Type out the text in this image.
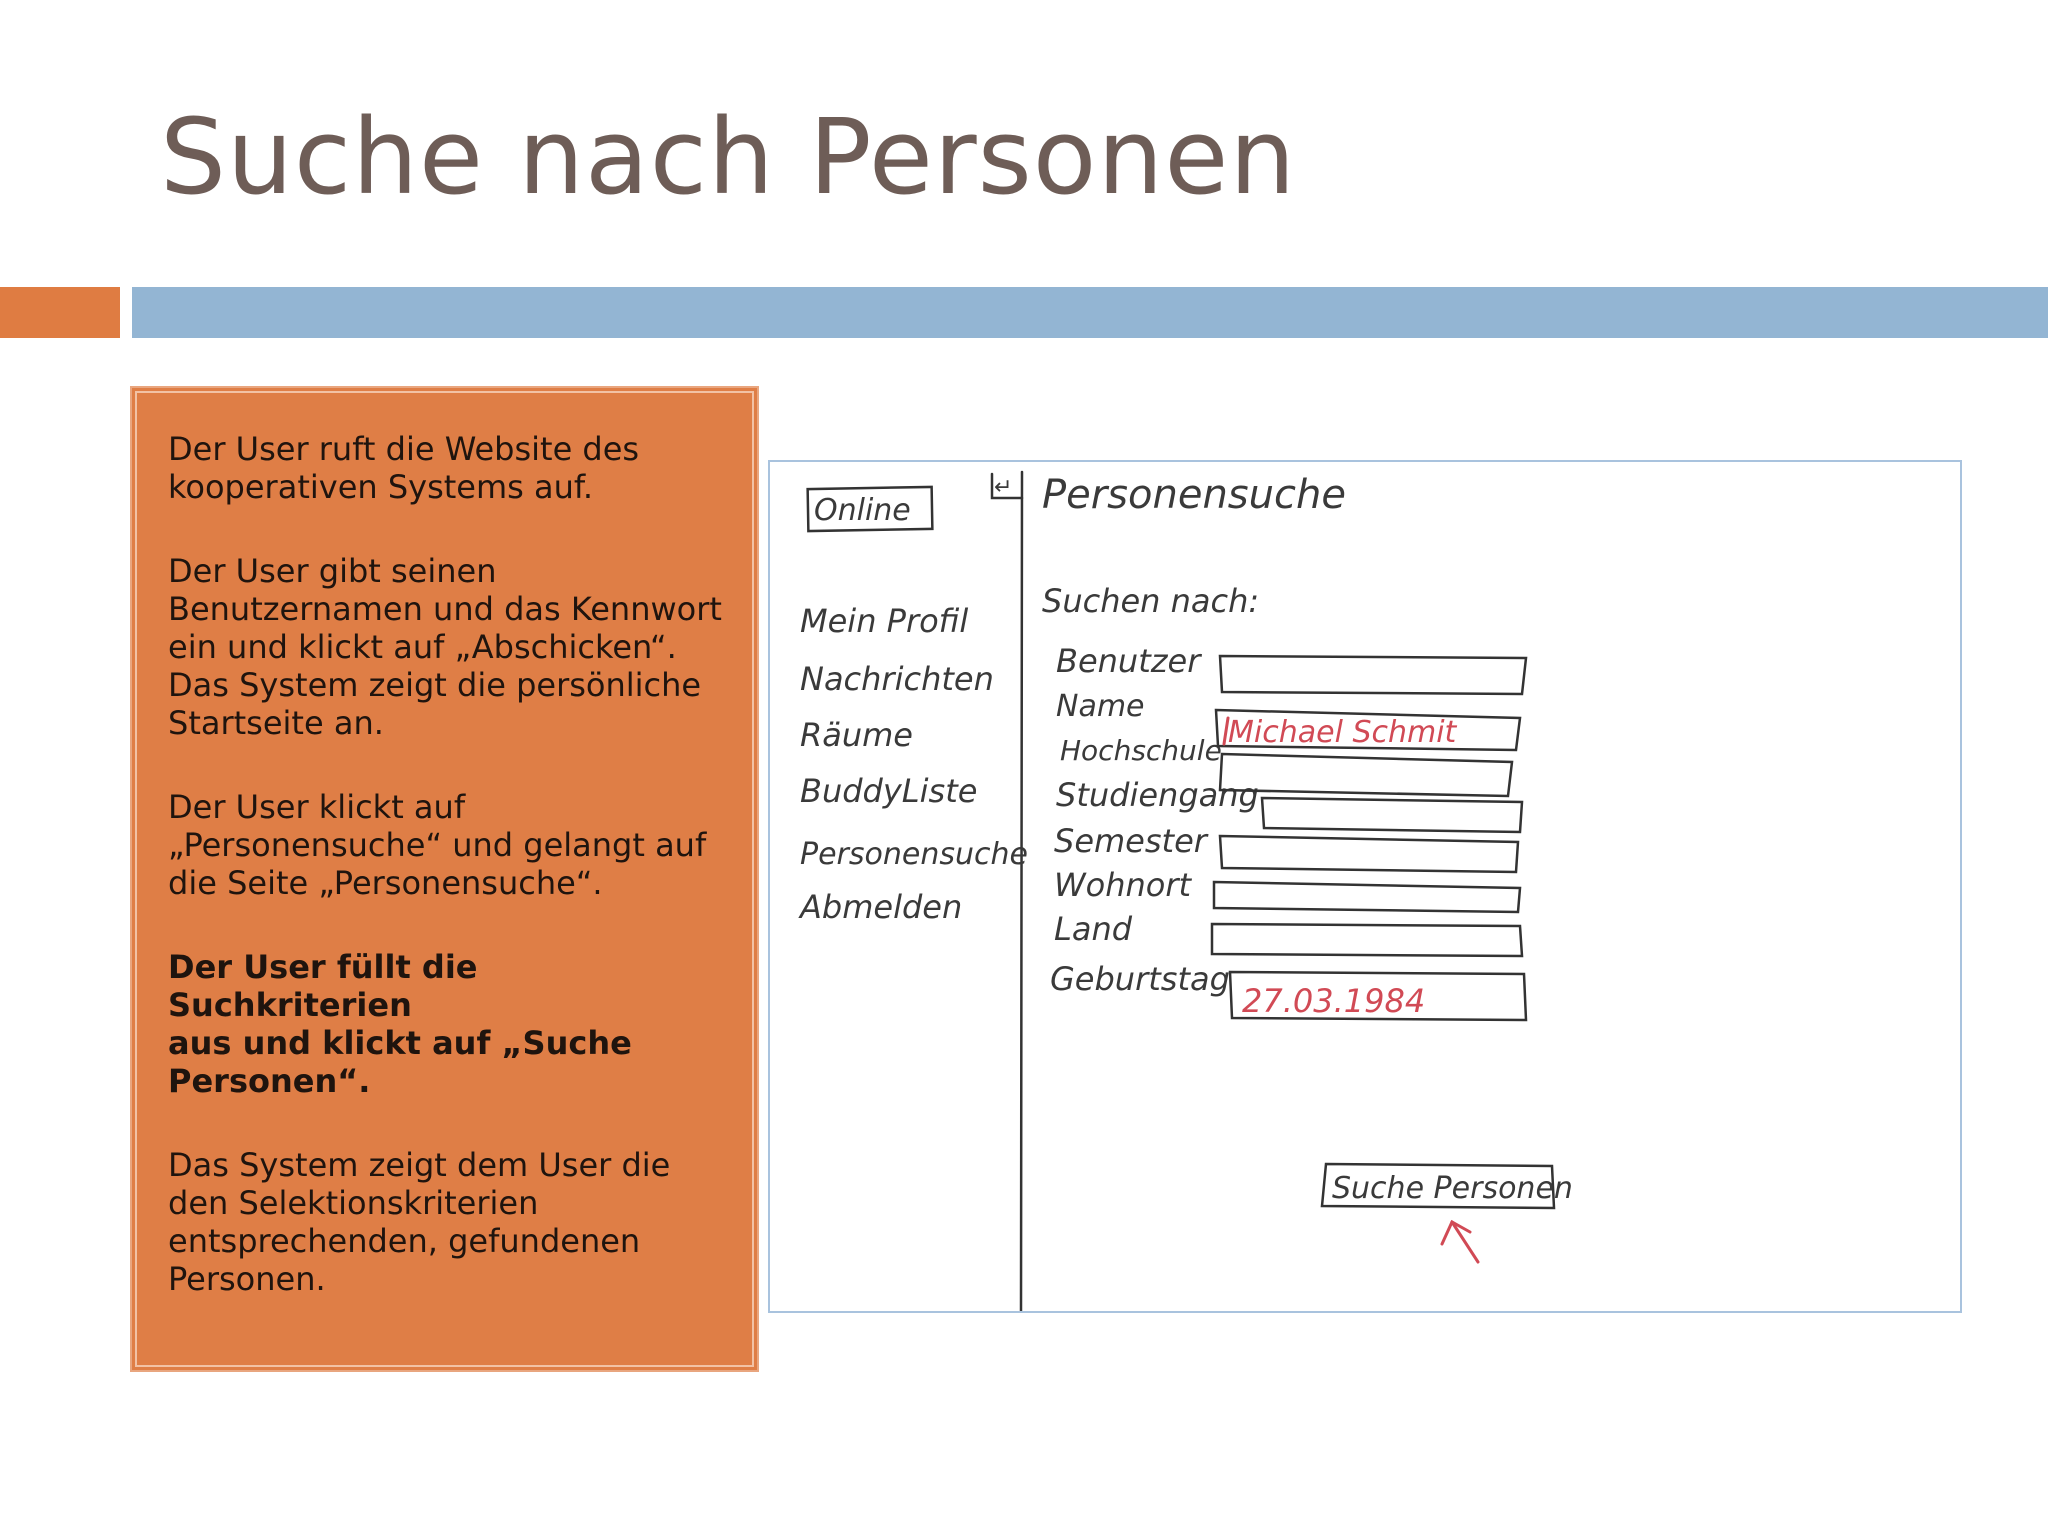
Suche nach Personen

Der User ruft die Website des
kooperativen Systems auf.

Der User gibt seinen
Benutzernamen und das Kennwort
ein und klickt auf „Abschicken“.
Das System zeigt die persönliche
Startseite an.

Der User klickt auf
„Personensuche“ und gelangt auf
die Seite „Personensuche“.

Der User füllt die Suchkriterien
aus und klickt auf „Suche
Personen“.

Das System zeigt dem User die
den Selektionskriterien
entsprechenden, gefundenen
Personen.

Online
↵ Personensuche
Mein Profil
Nachrichten
Räume
BuddyListe
Personensuche
Abmelden
Suchen nach:
Benutzer
Name
Hochschule
Studiengang
Semester
Wohnort
Land
Geburtstag
Michael Schmit
27.03.1984
Suche Personen
